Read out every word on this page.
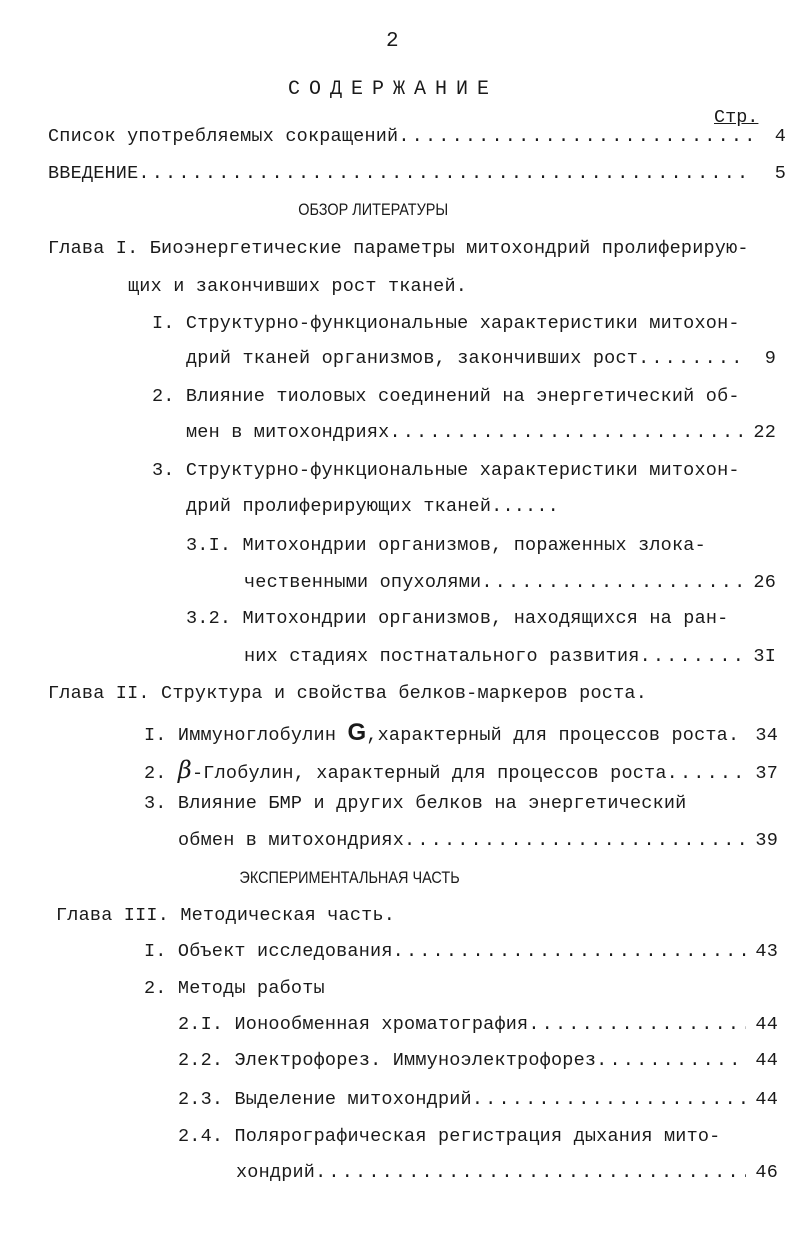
2
СОДЕРЖАНИЕ
Стр.
Список употребляемых сокращений .....	4
ВВЕДЕНИЕ .....	5
ОБЗОР ЛИТЕРАТУРЫ
Глава I. Биоэнергетические параметры митохондрий пролиферирую-
щих и закончивших рост тканей.
I. Структурно-функциональные характеристики митохон-
дрий тканей организмов, закончивших рост .....	9
2. Влияние тиоловых соединений на энергетический об-
мен в митохондриях .....	22
3. Структурно-функциональные характеристики митохон-
дрий пролиферирующих тканей......
3.I. Митохондрии организмов, пораженных злока-
чественными опухолями .....	26
3.2. Митохондрии организмов, находящихся на ран-
них стадиях постнатального развития .....	3I
Глава II. Структура и свойства белков-маркеров роста.
I. Иммуноглобулин G ,характерный для процессов роста. 34
2. β -Глобулин, характерный для процессов роста .....	37
3. Влияние БМР и других белков на энергетический
обмен в митохондриях .....	39
ЭКСПЕРИМЕНТАЛЬНАЯ ЧАСТЬ
Глава III. Методическая часть.
I. Объект исследования .....	43
2. Методы работы
2.I. Ионообменная хроматография .....	44
2.2. Электрофорез. Иммуноэлектрофорез .....	44
2.3. Выделение митохондрий .....	44
2.4. Полярографическая регистрация дыхания мито-
хондрий .....	46
